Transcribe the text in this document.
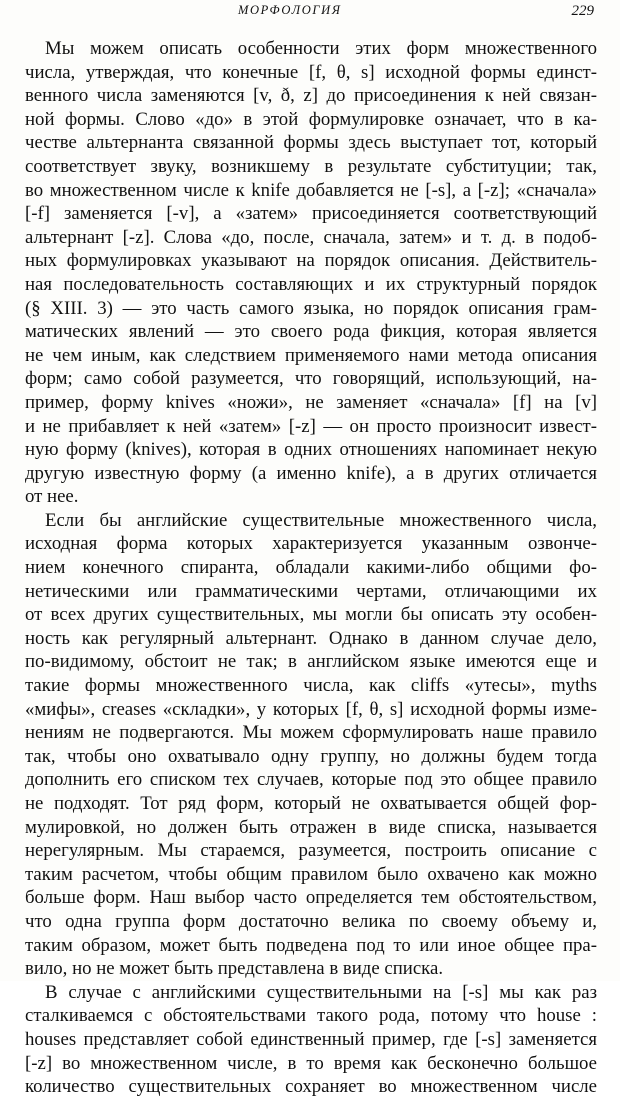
МОРФОЛОГИЯ	229
Мы можем описать особенности этих форм множественного
числа, утверждая, что конечные [f, θ, s] исходной формы единст-
венного числа заменяются [v, ð, z] до присоединения к ней связан-
ной формы. Слово «до» в этой формулировке означает, что в ка-
честве альтернанта связанной формы здесь выступает тот, который
соответствует звуку, возникшему в результате субституции; так,
во множественном числе к knife добавляется не [-s], а [-z]; «сначала»
[-f] заменяется [-v], а «затем» присоединяется соответствующий
альтернант [-z]. Слова «до, после, сначала, затем» и т. д. в подоб-
ных формулировках указывают на порядок описания. Действитель-
ная последовательность составляющих и их структурный порядок
(§ XIII. 3) — это часть самого языка, но порядок описания грам-
матических явлений — это своего рода фикция, которая является
не чем иным, как следствием применяемого нами метода описания
форм; само собой разумеется, что говорящий, использующий, на-
пример, форму knives «ножи», не заменяет «сначала» [f] на [v]
и не прибавляет к ней «затем» [-z] — он просто произносит извест-
ную форму (knives), которая в одних отношениях напоминает некую
другую известную форму (а именно knife), а в других отличается
от нее.
Если бы английские существительные множественного числа,
исходная форма которых характеризуется указанным озвонче-
нием конечного спиранта, обладали какими-либо общими фо-
нетическими или грамматическими чертами, отличающими их
от всех других существительных, мы могли бы описать эту особен-
ность как регулярный альтернант. Однако в данном случае дело,
по-видимому, обстоит не так; в английском языке имеются еще и
такие формы множественного числа, как cliffs «утесы», myths
«мифы», creases «складки», у которых [f, θ, s] исходной формы изме-
нениям не подвергаются. Мы можем сформулировать наше правило
так, чтобы оно охватывало одну группу, но должны будем тогда
дополнить его списком тех случаев, которые под это общее правило
не подходят. Тот ряд форм, который не охватывается общей фор-
мулировкой, но должен быть отражен в виде списка, называется
нерегулярным. Мы стараемся, разумеется, построить описание с
таким расчетом, чтобы общим правилом было охвачено как можно
больше форм. Наш выбор часто определяется тем обстоятельством,
что одна группа форм достаточно велика по своему объему и,
таким образом, может быть подведена под то или иное общее пра-
вило, но не может быть представлена в виде списка.
В случае с английскими существительными на [-s] мы как раз
сталкиваемся с обстоятельствами такого рода, потому что house :
houses представляет собой единственный пример, где [-s] заменяется
[-z] во множественном числе, в то время как бесконечно большое
количество существительных сохраняет во множественном числе
